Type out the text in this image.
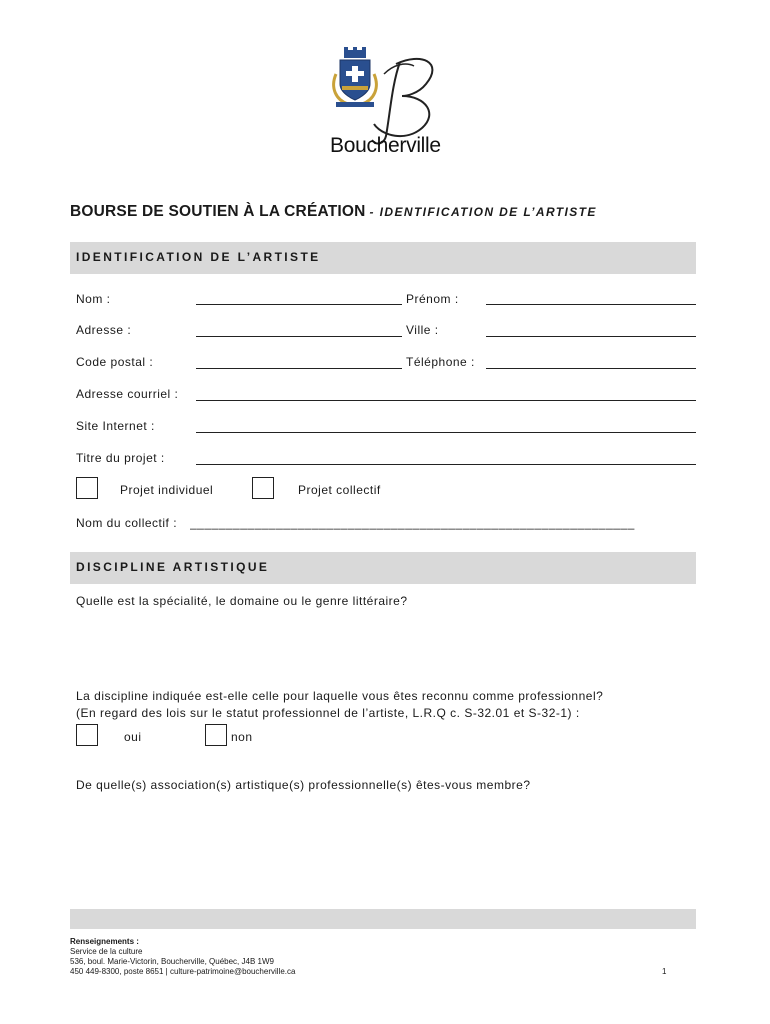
Boucherville
BOURSE DE SOUTIEN À LA CRÉATION - IDENTIFICATION DE L’ARTISTE
IDENTIFICATION DE L’ARTISTE
Nom :	Prénom :
Adresse :	Ville :
Code postal :	Téléphone :
Adresse courriel :
Site Internet :
Titre du projet :
Projet individuel	Projet collectif
Nom du collectif : ______________________________________________________________
DISCIPLINE ARTISTIQUE
Quelle est la spécialité, le domaine ou le genre littéraire?
La discipline indiquée est-elle celle pour laquelle vous êtes reconnu comme professionnel?
(En regard des lois sur le statut professionnel de l’artiste, L.R.Q c. S-32.01 et S-32-1) :
oui	non
De quelle(s) association(s) artistique(s) professionnelle(s) êtes-vous membre?
Renseignements :
Service de la culture
536, boul. Marie-Victorin, Boucherville, Québec, J4B 1W9
450 449-8300, poste 8651 | culture-patrimoine@boucherville.ca	1
